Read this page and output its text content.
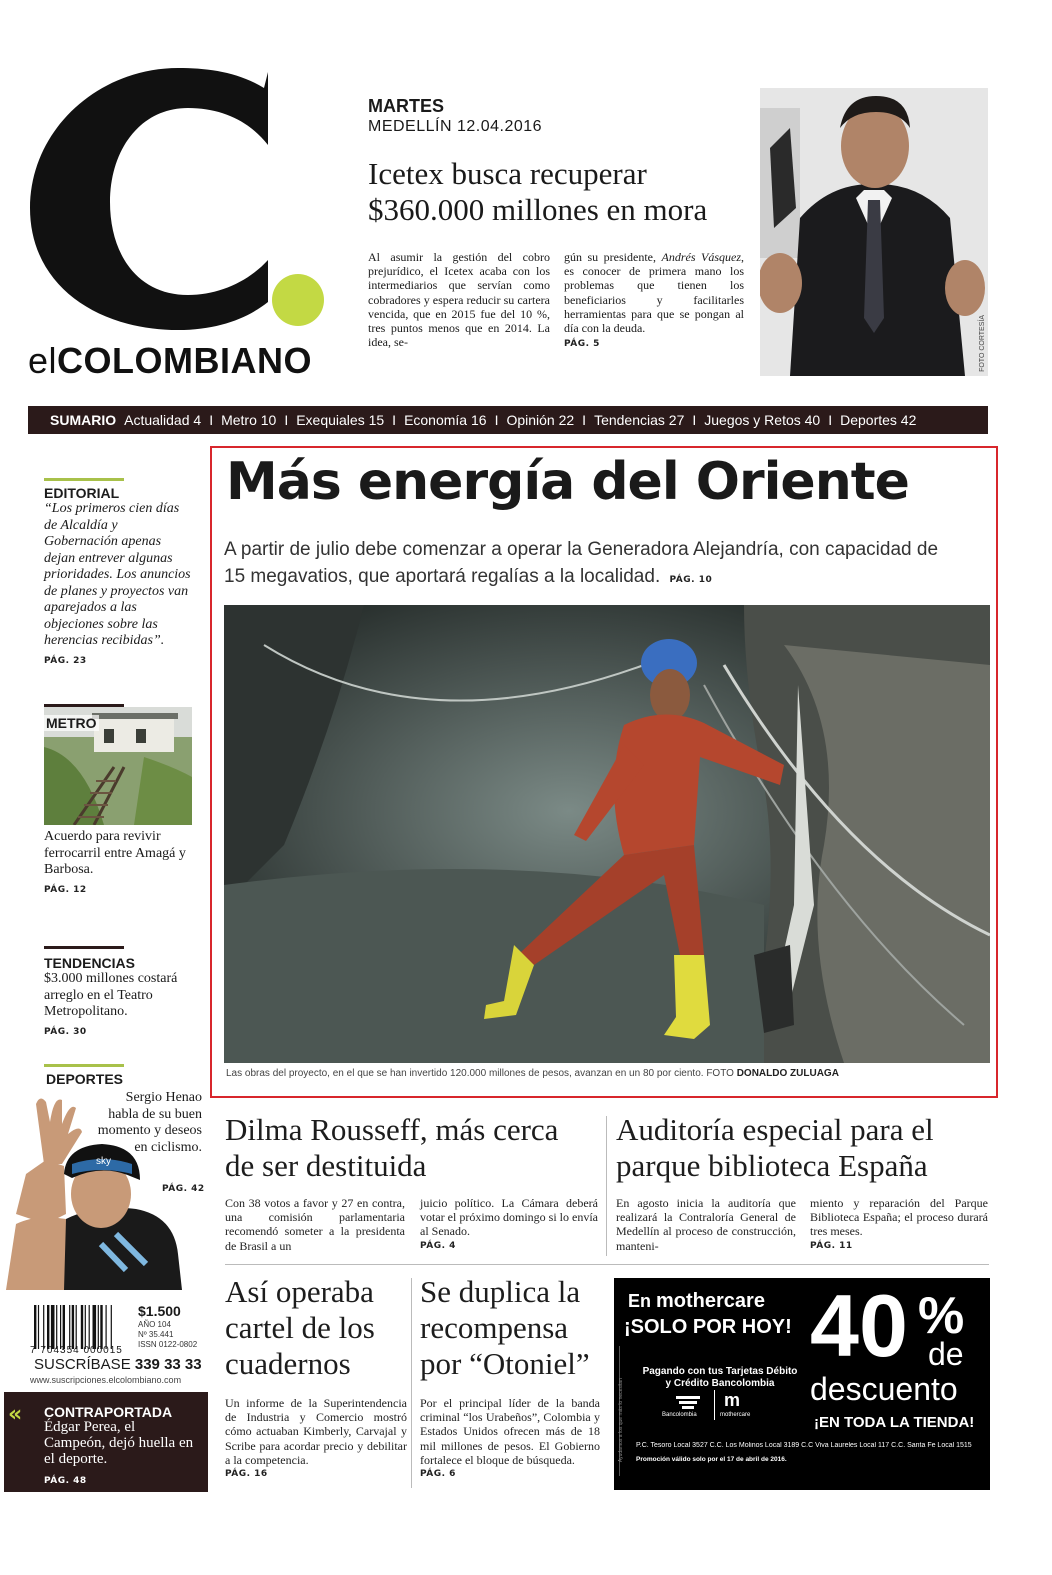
elCOLOMBIANO
MARTES
MEDELLÍN 12.04.2016
Icetex busca recuperar $360.000 millones en mora
Al asumir la gestión del cobro prejurídico, el Icetex acaba con los intermediarios que servían como cobradores y espera reducir su cartera vencida, que en 2015 fue del 10 %, tres puntos menos que en 2014. La idea, se-
gún su presidente, Andrés Vásquez, es conocer de primera mano los problemas que tienen los beneficiarios y facilitarles herramientas para que se pongan al día con la deuda.
PÁG. 5	FOTO CORTESÍA
SUMARIO Actualidad 4 I Metro 10 I Exequiales 15 I Economía 16 I Opinión 22 I Tendencias 27 I Juegos y Retos 40 I Deportes 42
EDITORIAL
“Los primeros cien días de Alcaldía y Gobernación apenas dejan entrever algunas prioridades. Los anuncios de planes y proyectos van aparejados a las objeciones sobre las herencias recibidas”.
PÁG. 23
METRO
Acuerdo para revivir ferrocarril entre Amagá y Barbosa.
PÁG. 12
TENDENCIAS
$3.000 millones costará arreglo en el Teatro Metropolitano.
PÁG. 30
DEPORTES
sky
Sergio Henao habla de su buen momento y deseos en ciclismo.
PÁG. 42
7 704354 000015
$1.500
AÑO 104
Nº 35.441
ISSN 0122-0802
SUSCRÍBASE 339 33 33
www.suscripciones.elcolombiano.com
« CONTRAPORTADA
Édgar Perea, el Campeón, dejó huella en el deporte.
PÁG. 48
Más energía del Oriente
A partir de julio debe comenzar a operar la Generadora Alejandría, con capacidad de 15 megavatios, que aportará regalías a la localidad. PÁG. 10
Las obras del proyecto, en el que se han invertido 120.000 millones de pesos, avanzan en un 80 por ciento. FOTO DONALDO ZULUAGA
Dilma Rousseff, más cerca de ser destituida
Con 38 votos a favor y 27 en contra, una comisión parlamentaria recomendó someter a la presidenta de Brasil a un
juicio político. La Cámara deberá votar el próximo domingo si lo envía al Senado.
PÁG. 4
Auditoría especial para el parque biblioteca España
En agosto inicia la auditoría que realizará la Contraloría General de Medellín al proceso de construcción, manteni-
miento y reparación del Parque Biblioteca España; el proceso durará tres meses.
PÁG. 11
Así operaba cartel de los cuadernos
Un informe de la Superintendencia de Industria y Comercio mostró cómo actuaban Kimberly, Carvajal y Scribe para acordar precio y debilitar a la competencia.
PÁG. 16
Se duplica la recompensa por “Otoniel”
Por el principal líder de la banda criminal “los Urabeños”, Colombia y Estados Unidos ofrecen más de 18 mil millones de pesos. El Gobierno fortalece el bloque de búsqueda.
PÁG. 6
Ayudamos a los que más lo necesitan
En mothercare
¡SOLO POR HOY!
Pagando con tus Tarjetas Débito y Crédito Bancolombia
Bancolombia
m
mothercare
40 %
de
descuento
¡EN TODA LA TIENDA!
P.C. Tesoro Local 3527 C.C. Los Molinos Local 3189 C.C Viva Laureles Local 117 C.C. Santa Fe Local 1515
Promoción válido solo por el 17 de abril de 2016.
